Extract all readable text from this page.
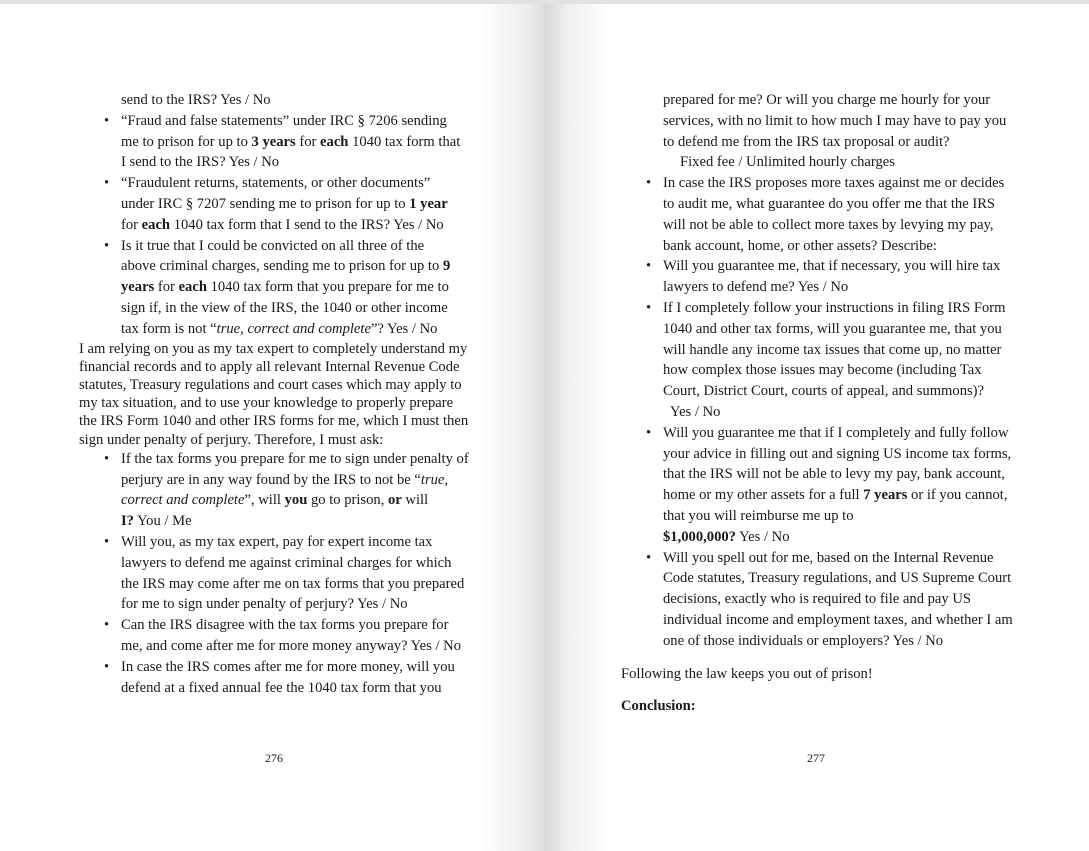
send to the IRS? Yes / No
• “Fraud and false statements” under IRC § 7206 sending
me to prison for up to 3 years for each 1040 tax form that
I send to the IRS? Yes / No
• “Fraudulent returns, statements, or other documents”
under IRC § 7207 sending me to prison for up to 1 year
for each 1040 tax form that I send to the IRS? Yes / No
• Is it true that I could be convicted on all three of the
above criminal charges, sending me to prison for up to 9
years for each 1040 tax form that you prepare for me to
sign if, in the view of the IRS, the 1040 or other income
tax form is not “true, correct and complete”? Yes / No

I am relying on you as my tax expert to completely understand my financial records and to apply all relevant Internal Revenue Code statutes, Treasury regulations and court cases which may apply to my tax situation, and to use your knowledge to properly prepare the IRS Form 1040 and other IRS forms for me, which I must then sign under penalty of perjury. Therefore, I must ask:

• If the tax forms you prepare for me to sign under penalty of perjury are in any way found by the IRS to not be “true, correct and complete”, will you go to prison, or will
I? You / Me
• Will you, as my tax expert, pay for expert income tax lawyers to defend me against criminal charges for which the IRS may come after me on tax forms that you prepared for me to sign under penalty of perjury? Yes / No
• Can the IRS disagree with the tax forms you prepare for me, and come after me for more money anyway? Yes / No
• In case the IRS comes after me for more money, will you defend at a fixed annual fee the 1040 tax form that you
276
prepared for me? Or will you charge me hourly for your services, with no limit to how much I may have to pay you to defend me from the IRS tax proposal or audit?
Fixed fee / Unlimited hourly charges
• In case the IRS proposes more taxes against me or decides to audit me, what guarantee do you offer me that the IRS will not be able to collect more taxes by levying my pay, bank account, home, or other assets? Describe:
• Will you guarantee me, that if necessary, you will hire tax lawyers to defend me? Yes / No
• If I completely follow your instructions in filing IRS Form 1040 and other tax forms, will you guarantee me, that you will handle any income tax issues that come up, no matter how complex those issues may become (including Tax Court, District Court, courts of appeal, and summons)?
Yes / No
• Will you guarantee me that if I completely and fully follow your advice in filling out and signing US income tax forms, that the IRS will not be able to levy my pay, bank account, home or my other assets for a full 7 years or if you cannot, that you will reimburse me up to
$1,000,000? Yes / No
• Will you spell out for me, based on the Internal Revenue Code statutes, Treasury regulations, and US Supreme Court decisions, exactly who is required to file and pay US individual income and employment taxes, and whether I am one of those individuals or employers? Yes / No
Following the law keeps you out of prison!
Conclusion:
277
